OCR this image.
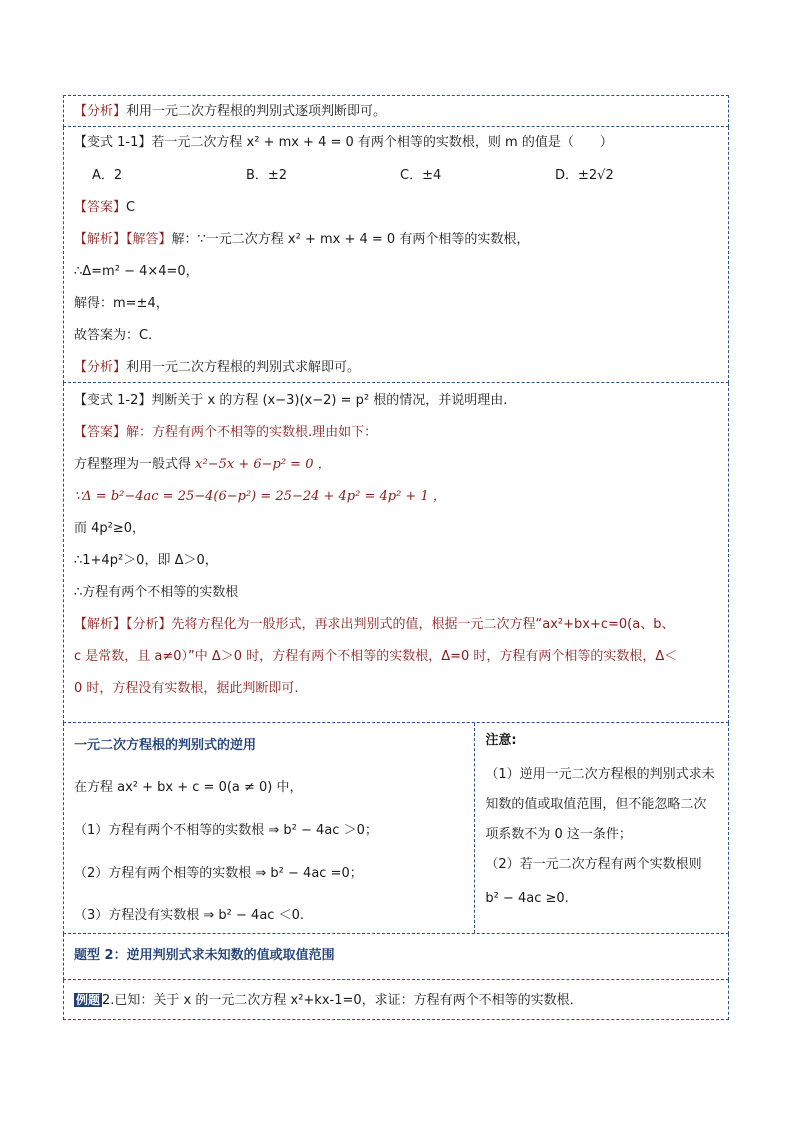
【分析】利用一元二次方程根的判别式逐项判断即可。
【变式 1-1】若一元二次方程 x² + mx + 4 = 0 有两个相等的实数根，则 m 的值是（　　）
A．2	B．±2	C．±4	D．±2√2
【答案】C
【解析】【解答】解：∵一元二次方程 x² + mx + 4 = 0 有两个相等的实数根，
∴Δ=m² − 4×4=0，
解得：m=±4，
故答案为：C．
【分析】利用一元二次方程根的判别式求解即可。
【变式 1-2】判断关于 x 的方程 (x−3)(x−2) = p² 根的情况，并说明理由.
【答案】解：方程有两个不相等的实数根.理由如下：
方程整理为一般式得 x²−5x + 6−p² = 0 ，
∵Δ = b²−4ac = 25−4(6−p²) = 25−24 + 4p² = 4p² + 1 ，
而 4p²≥0，
∴1+4p²＞0，即 Δ＞0，
∴方程有两个不相等的实数根
【解析】【分析】先将方程化为一般形式，再求出判别式的值，根据一元二次方程“ax²+bx+c=0(a、b、
c 是常数，且 a≠0）”中 Δ＞0 时，方程有两个不相等的实数根，Δ=0 时，方程有两个相等的实数根，Δ＜
0 时，方程没有实数根，据此判断即可.
一元二次方程根的判别式的逆用
在方程 ax² + bx + c = 0(a ≠ 0) 中，
（1）方程有两个不相等的实数根 ⇒ b² − 4ac ＞0；
（2）方程有两个相等的实数根 ⇒ b² − 4ac =0；
（3）方程没有实数根 ⇒ b² − 4ac ＜0.
注意:
（1）逆用一元二次方程根的判别式求未
知数的值或取值范围，但不能忽略二次
项系数不为 0 这一条件；
（2）若一元二次方程有两个实数根则
b² − 4ac ≥0.
题型 2：逆用判别式求未知数的值或取值范围
例题 2.已知：关于 x 的一元二次方程 x²+kx-1=0，求证：方程有两个不相等的实数根．
